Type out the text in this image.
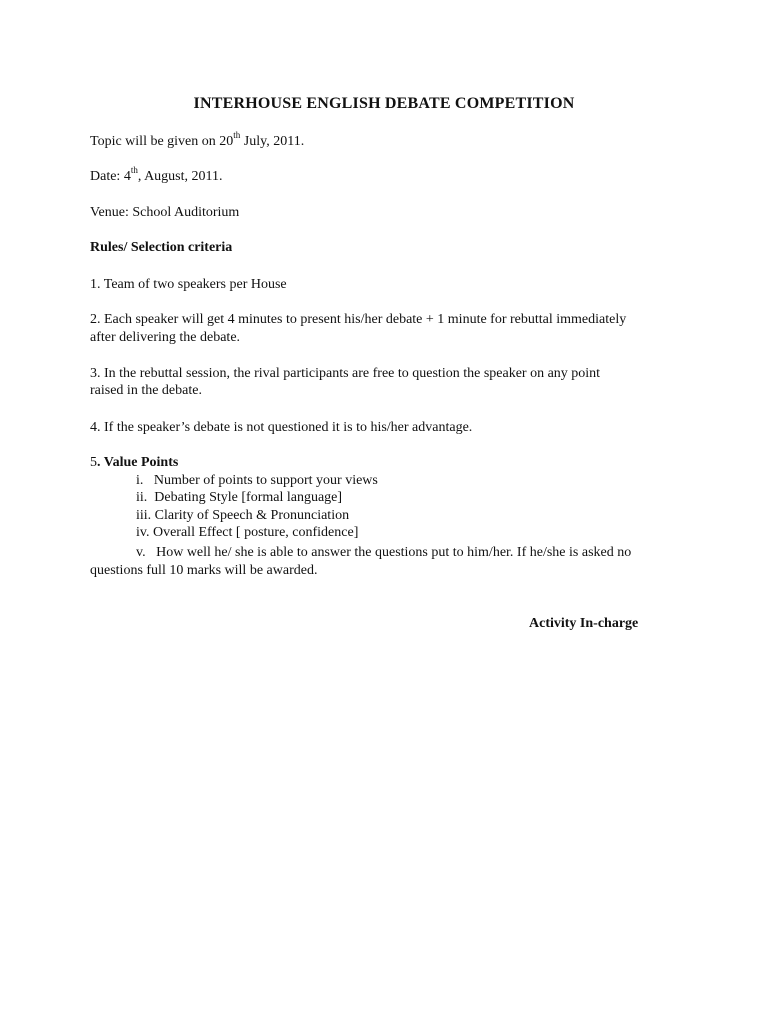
INTERHOUSE ENGLISH DEBATE COMPETITION
Topic will be given on 20th July, 2011.
Date: 4th, August, 2011.
Venue: School Auditorium
Rules/ Selection criteria
1. Team of two speakers per House
2. Each speaker will get 4 minutes to present his/her debate + 1 minute for rebuttal immediately
after delivering the debate.
3. In the rebuttal session, the rival participants are free to question the speaker on any point
raised in the debate.
4. If the speaker’s debate is not questioned it is to his/her advantage.
5. Value Points
i. Number of points to support your views
ii. Debating Style [formal language]
iii. Clarity of Speech & Pronunciation
iv. Overall Effect [ posture, confidence]
v. How well he/ she is able to answer the questions put to him/her. If he/she is asked no
questions full 10 marks will be awarded.
Activity In-charge
